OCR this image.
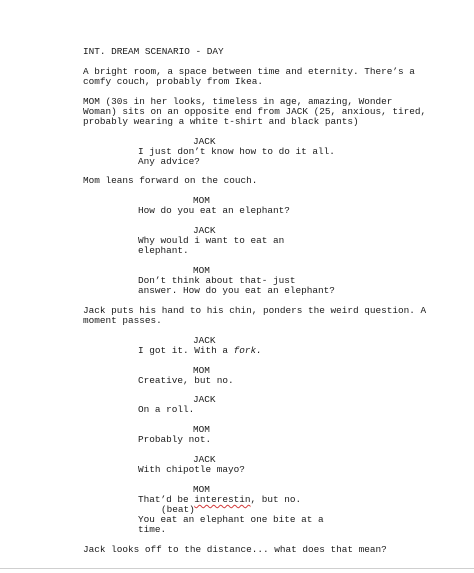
INT. DREAM SCENARIO - DAY

A bright room, a space between time and eternity. There’s a

comfy couch, probably from Ikea.

MOM (30s in her looks, timeless in age, amazing, Wonder

Woman) sits on an opposite end from JACK (25, anxious, tired,

probably wearing a white t-shirt and black pants)

JACK

I just don’t know how to do it all.

Any advice?

Mom leans forward on the couch.

MOM

How do you eat an elephant?

JACK

Why would i want to eat an

elephant.

MOM

Don’t think about that- just

answer. How do you eat an elephant?

Jack puts his hand to his chin, ponders the weird question. A

moment passes.

JACK

I got it. With a fork.

MOM

Creative, but no.

JACK

On a roll.

MOM

Probably not.

JACK

With chipotle mayo?

MOM

That’d be interestin, but no.

(beat)

You eat an elephant one bite at a
time.
Jack looks off to the distance... what does that mean?
